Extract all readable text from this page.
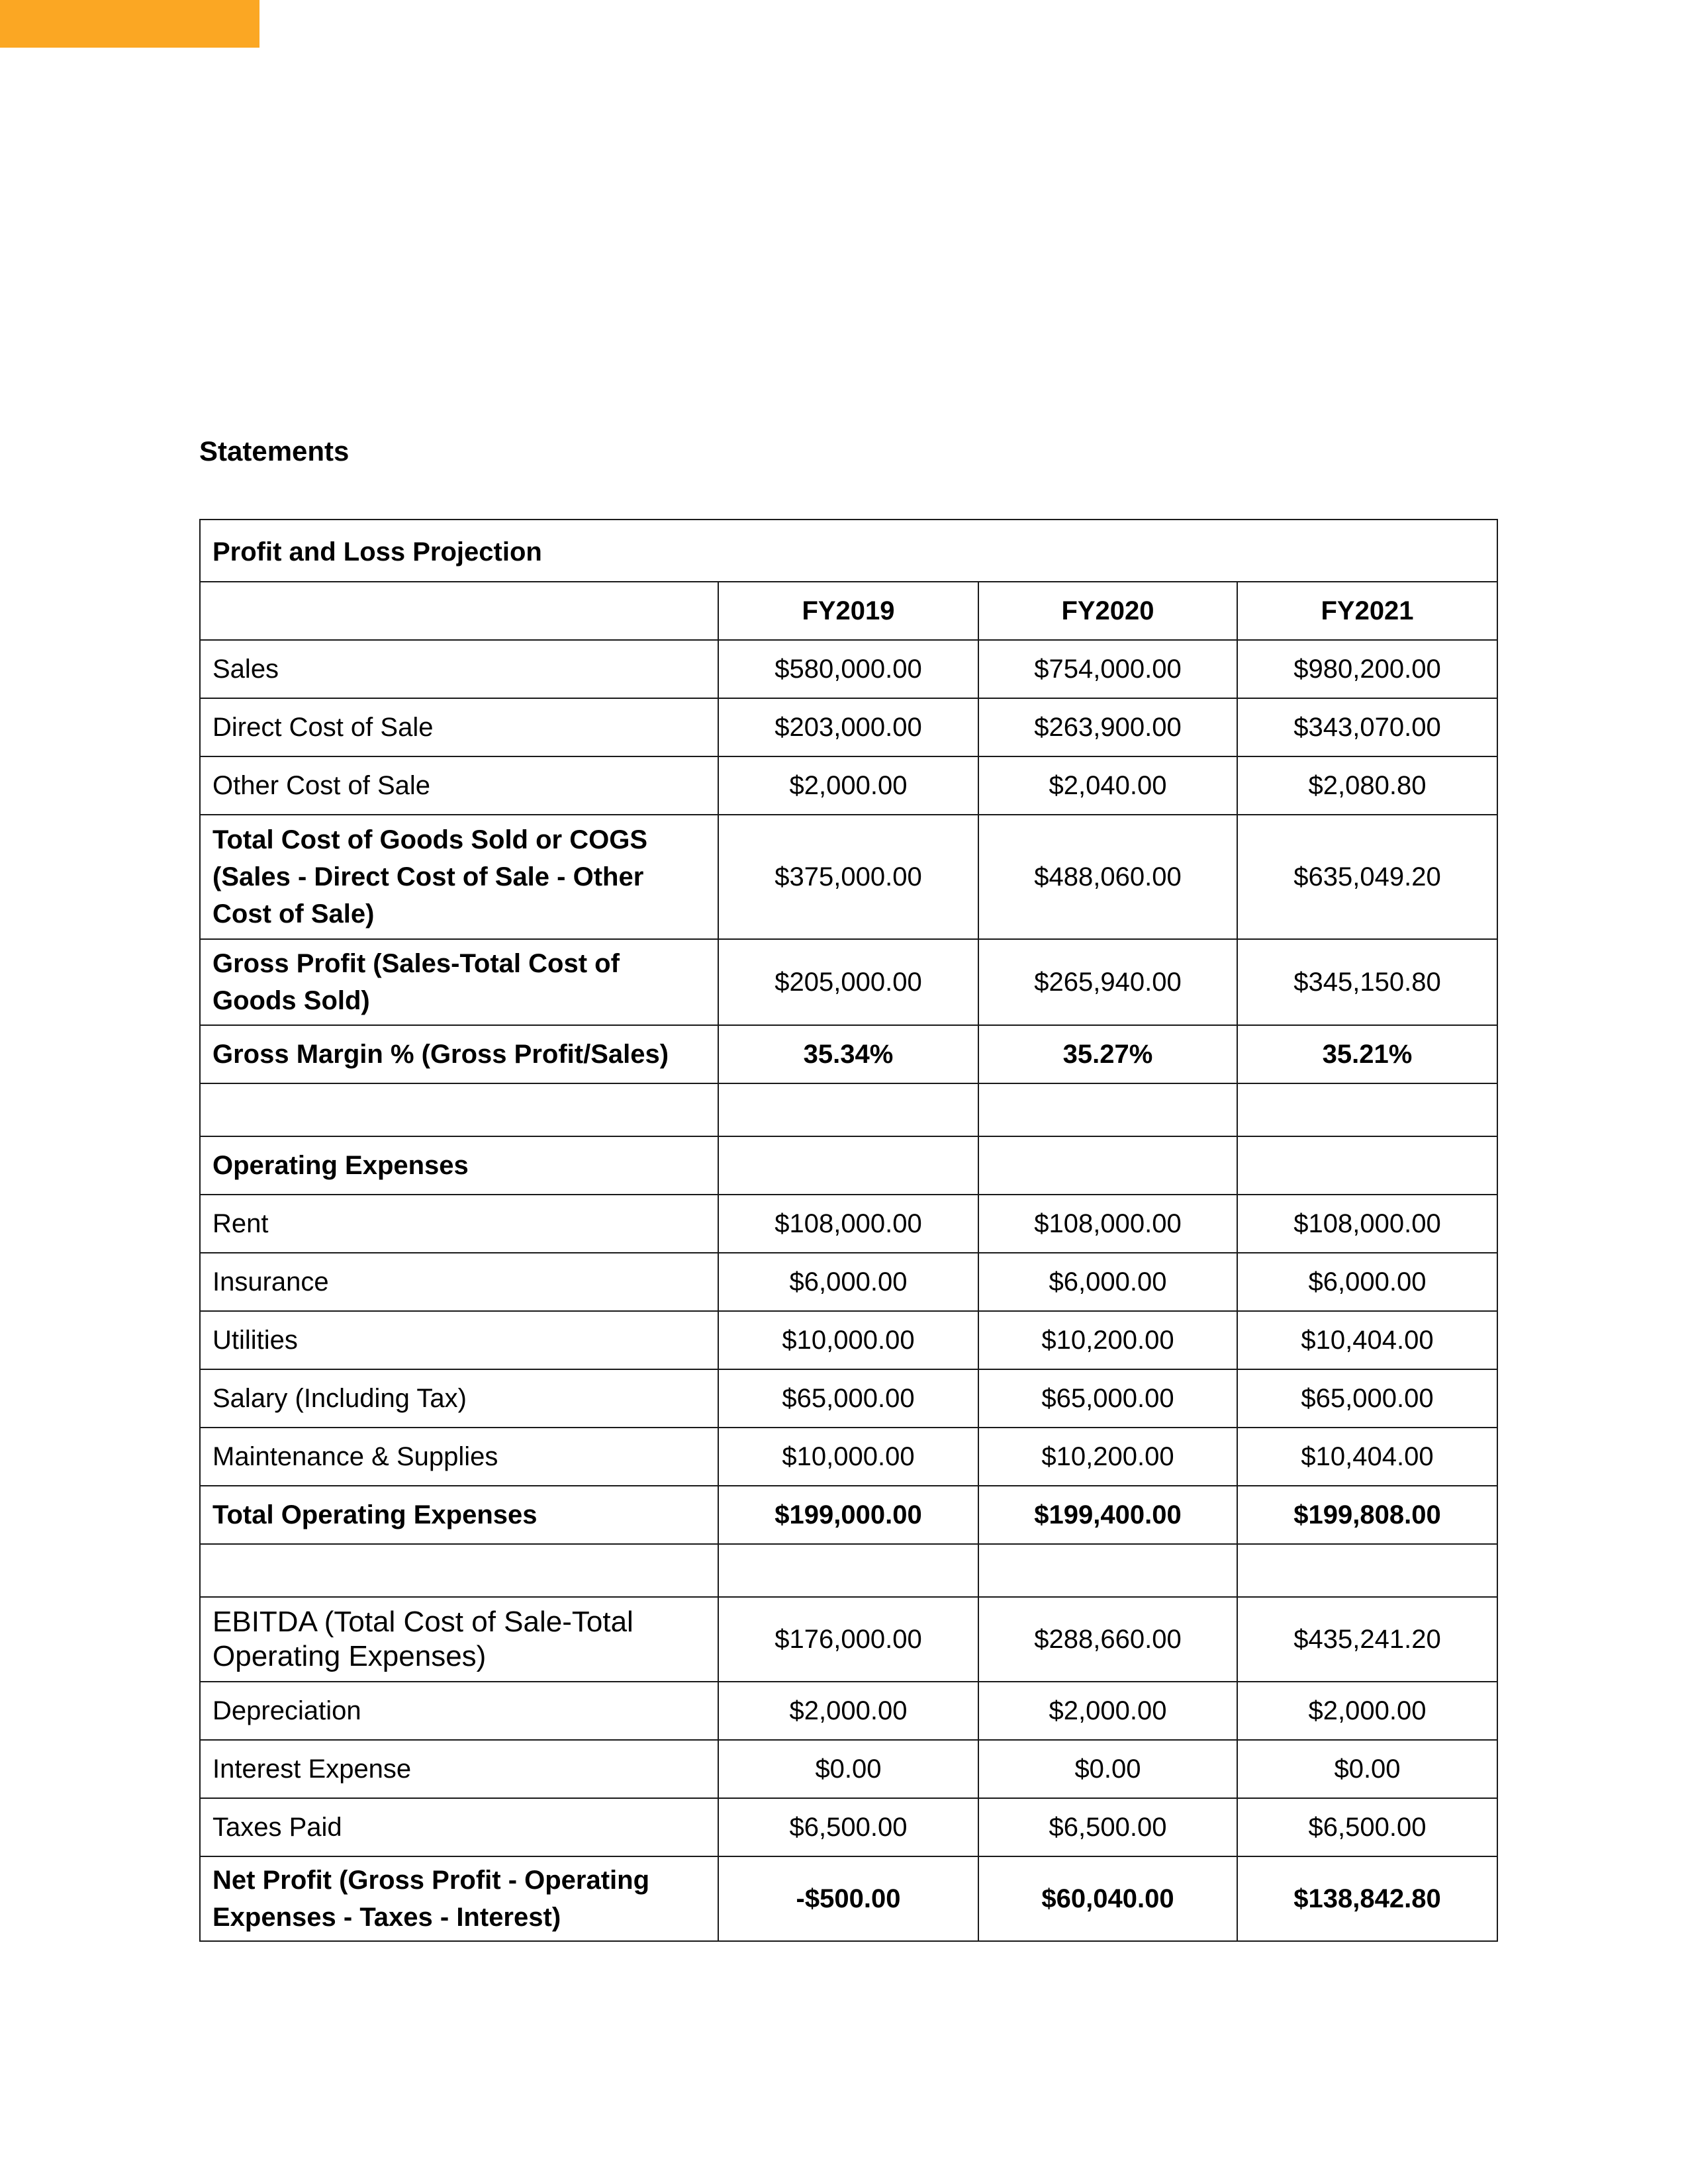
Statements
Profit and Loss Projection			
	FY2019	FY2020	FY2021
Sales	$580,000.00	$754,000.00	$980,200.00
Direct Cost of Sale	$203,000.00	$263,900.00	$343,070.00
Other Cost of Sale	$2,000.00	$2,040.00	$2,080.80
Total Cost of Goods Sold or COGS (Sales - Direct Cost of Sale - Other Cost of Sale)	$375,000.00	$488,060.00	$635,049.20
Gross Profit (Sales-Total Cost of Goods Sold)	$205,000.00	$265,940.00	$345,150.80
Gross Margin % (Gross Profit/Sales)	35.34%	35.27%	35.21%

Operating Expenses			
Rent	$108,000.00	$108,000.00	$108,000.00
Insurance	$6,000.00	$6,000.00	$6,000.00
Utilities	$10,000.00	$10,200.00	$10,404.00
Salary (Including Tax)	$65,000.00	$65,000.00	$65,000.00
Maintenance & Supplies	$10,000.00	$10,200.00	$10,404.00
Total Operating Expenses	$199,000.00	$199,400.00	$199,808.00

EBITDA (Total Cost of Sale-Total Operating Expenses)	$176,000.00	$288,660.00	$435,241.20
Depreciation	$2,000.00	$2,000.00	$2,000.00
Interest Expense	$0.00	$0.00	$0.00
Taxes Paid	$6,500.00	$6,500.00	$6,500.00
Net Profit (Gross Profit - Operating Expenses - Taxes - Interest)	-$500.00	$60,040.00	$138,842.80
